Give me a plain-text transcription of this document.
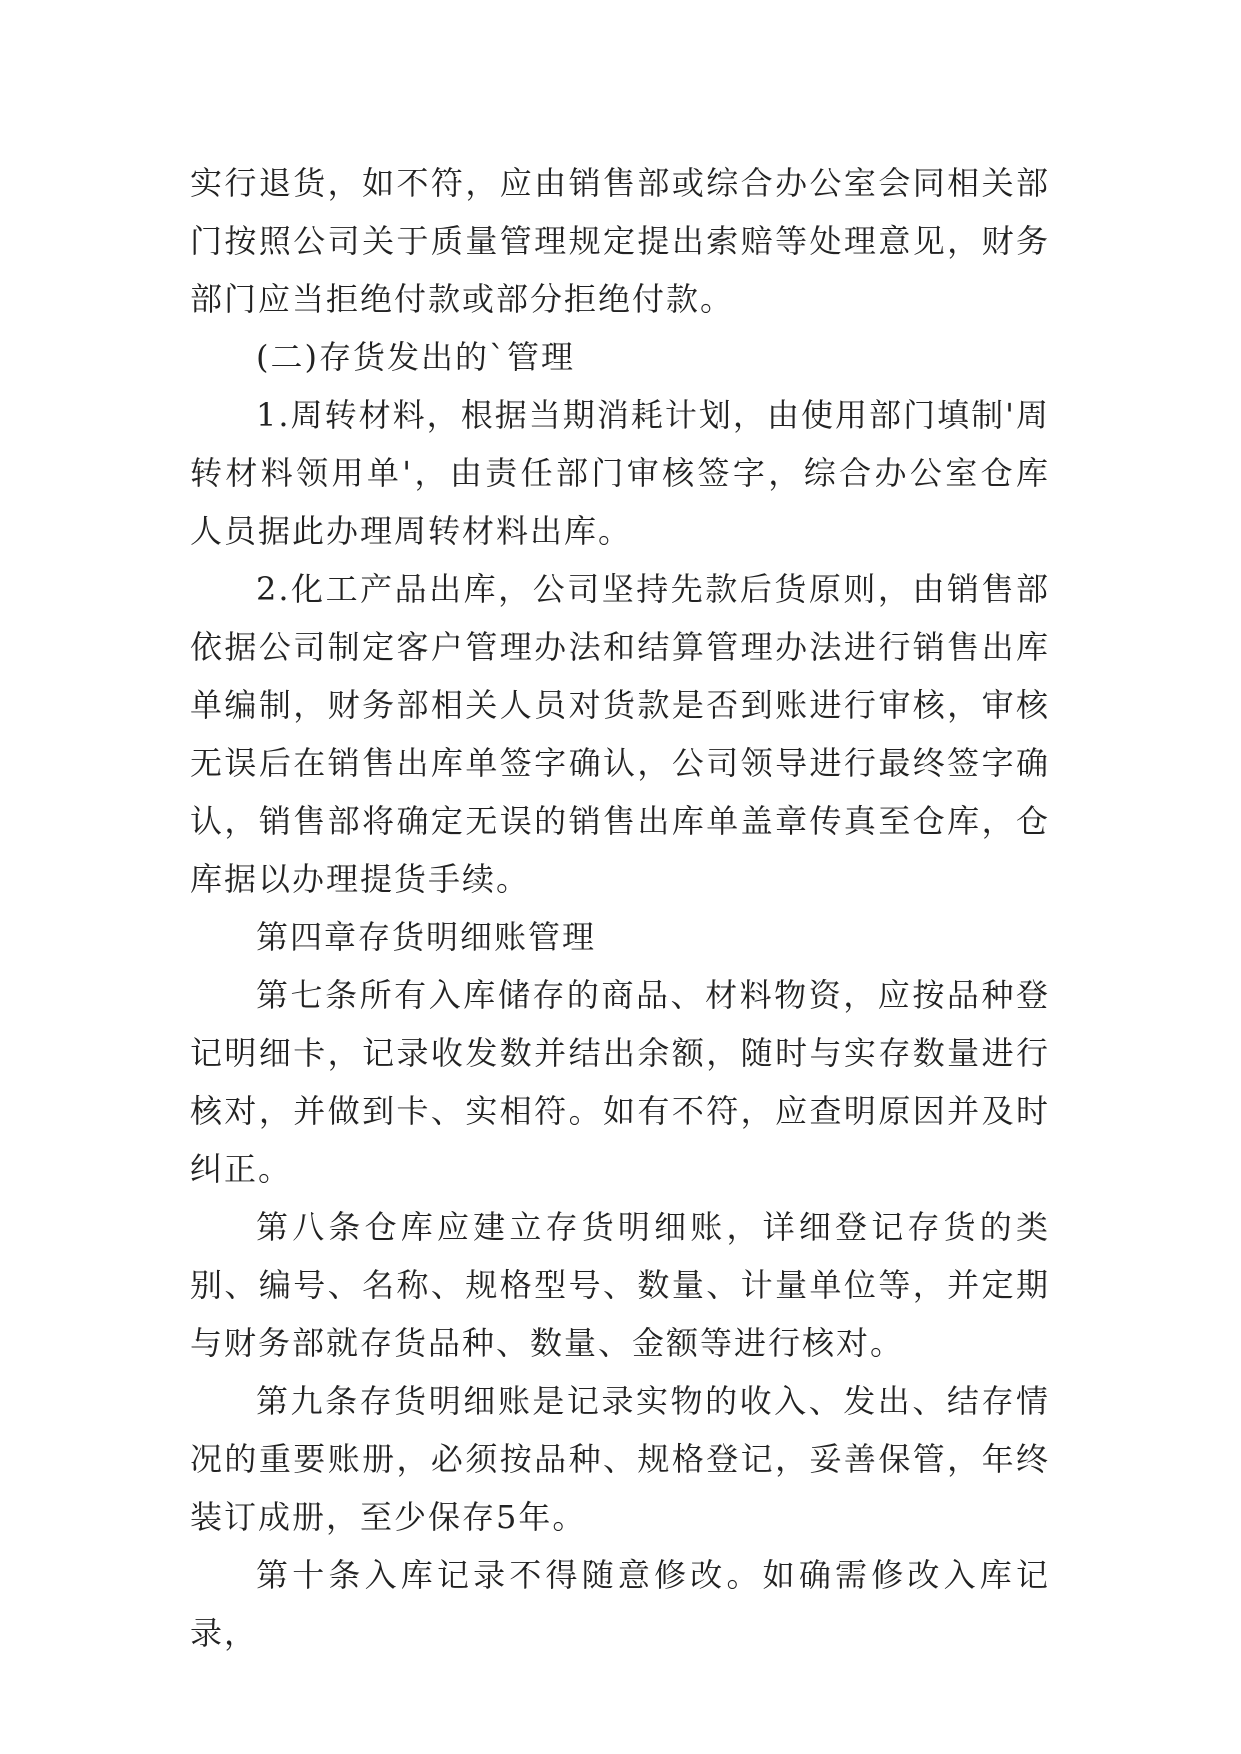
实行退货，如不符，应由销售部或综合办公室会同相关部门按照公司关于质量管理规定提出索赔等处理意见，财务部门应当拒绝付款或部分拒绝付款。

(二)存货发出的`管理

1.周转材料，根据当期消耗计划，由使用部门填制'周转材料领用单'，由责任部门审核签字，综合办公室仓库人员据此办理周转材料出库。

2.化工产品出库，公司坚持先款后货原则，由销售部依据公司制定客户管理办法和结算管理办法进行销售出库单编制，财务部相关人员对货款是否到账进行审核，审核无误后在销售出库单签字确认，公司领导进行最终签字确认，销售部将确定无误的销售出库单盖章传真至仓库，仓库据以办理提货手续。

第四章存货明细账管理

第七条所有入库储存的商品、材料物资，应按品种登记明细卡，记录收发数并结出余额，随时与实存数量进行核对，并做到卡、实相符。如有不符，应查明原因并及时纠正。

第八条仓库应建立存货明细账，详细登记存货的类别、编号、名称、规格型号、数量、计量单位等，并定期与财务部就存货品种、数量、金额等进行核对。

第九条存货明细账是记录实物的收入、发出、结存情况的重要账册，必须按品种、规格登记，妥善保管，年终装订成册，至少保存5年。

第十条入库记录不得随意修改。如确需修改入库记录，
